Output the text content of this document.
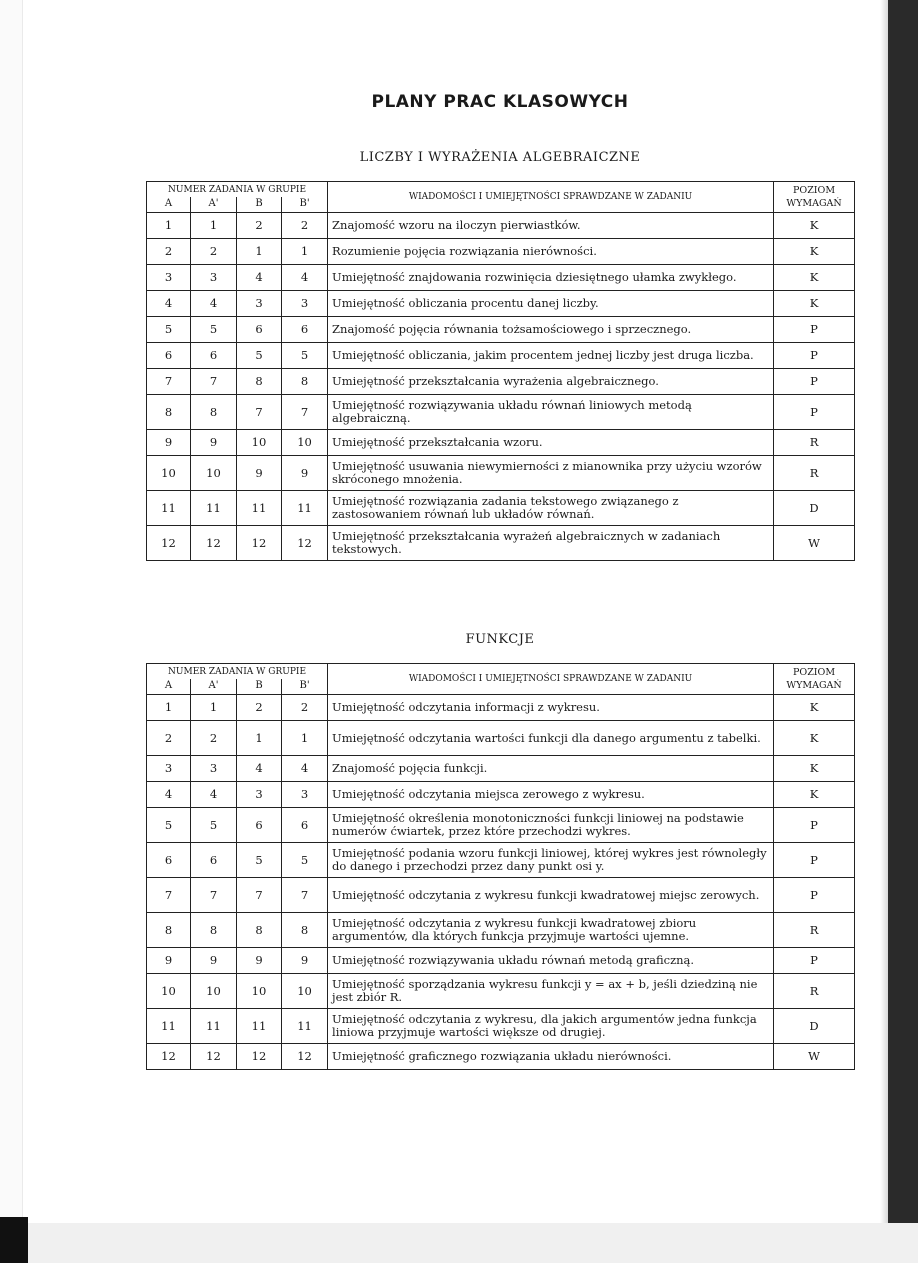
PLANY PRAC KLASOWYCH
LICZBY I WYRAŻENIA ALGEBRAICZNE
NUMER ZADANIA W GRUPIE				WIADOMOŚCI I UMIEJĘTNOŚCI SPRAWDZANE W ZADANIU	POZIOM WYMAGAŃ
A	A'	B	B'		
1	1	2	2	Znajomość wzoru na iloczyn pierwiastków.	K
2	2	1	1	Rozumienie pojęcia rozwiązania nierówności.	K
3	3	4	4	Umiejętność znajdowania rozwinięcia dziesiętnego ułamka zwykłego.	K
4	4	3	3	Umiejętność obliczania procentu danej liczby.	K
5	5	6	6	Znajomość pojęcia równania tożsamościowego i sprzecznego.	P
6	6	5	5	Umiejętność obliczania, jakim procentem jednej liczby jest druga liczba.	P
7	7	8	8	Umiejętność przekształcania wyrażenia algebraicznego.	P
8	8	7	7	Umiejętność rozwiązywania układu równań liniowych metodą algebraiczną.	P
9	9	10	10	Umiejętność przekształcania wzoru.	R
10	10	9	9	Umiejętność usuwania niewymierności z mianownika przy użyciu wzorów skróconego mnożenia.	R
11	11	11	11	Umiejętność rozwiązania zadania tekstowego związanego z zastosowaniem równań lub układów równań.	D
12	12	12	12	Umiejętność przekształcania wyrażeń algebraicznych w zadaniach tekstowych.	W
FUNKCJE
NUMER ZADANIA W GRUPIE				WIADOMOŚCI I UMIEJĘTNOŚCI SPRAWDZANE W ZADANIU	POZIOM WYMAGAŃ
A	A'	B	B'		
1	1	2	2	Umiejętność odczytania informacji z wykresu.	K
2	2	1	1	Umiejętność odczytania wartości funkcji dla danego argumentu z tabelki.	K
3	3	4	4	Znajomość pojęcia funkcji.	K
4	4	3	3	Umiejętność odczytania miejsca zerowego z wykresu.	K
5	5	6	6	Umiejętność określenia monotoniczności funkcji liniowej na podstawie numerów ćwiartek, przez które przechodzi wykres.	P
6	6	5	5	Umiejętność podania wzoru funkcji liniowej, której wykres jest równoległy do danego i przechodzi przez dany punkt osi y.	P
7	7	7	7	Umiejętność odczytania z wykresu funkcji kwadratowej miejsc zerowych.	P
8	8	8	8	Umiejętność odczytania z wykresu funkcji kwadratowej zbioru argumentów, dla których funkcja przyjmuje wartości ujemne.	R
9	9	9	9	Umiejętność rozwiązywania układu równań metodą graficzną.	P
10	10	10	10	Umiejętność sporządzania wykresu funkcji y = ax + b, jeśli dziedziną nie jest zbiór R.	R
11	11	11	11	Umiejętność odczytania z wykresu, dla jakich argumentów jedna funkcja liniowa przyjmuje wartości większe od drugiej.	D
12	12	12	12	Umiejętność graficznego rozwiązania układu nierówności.	W
